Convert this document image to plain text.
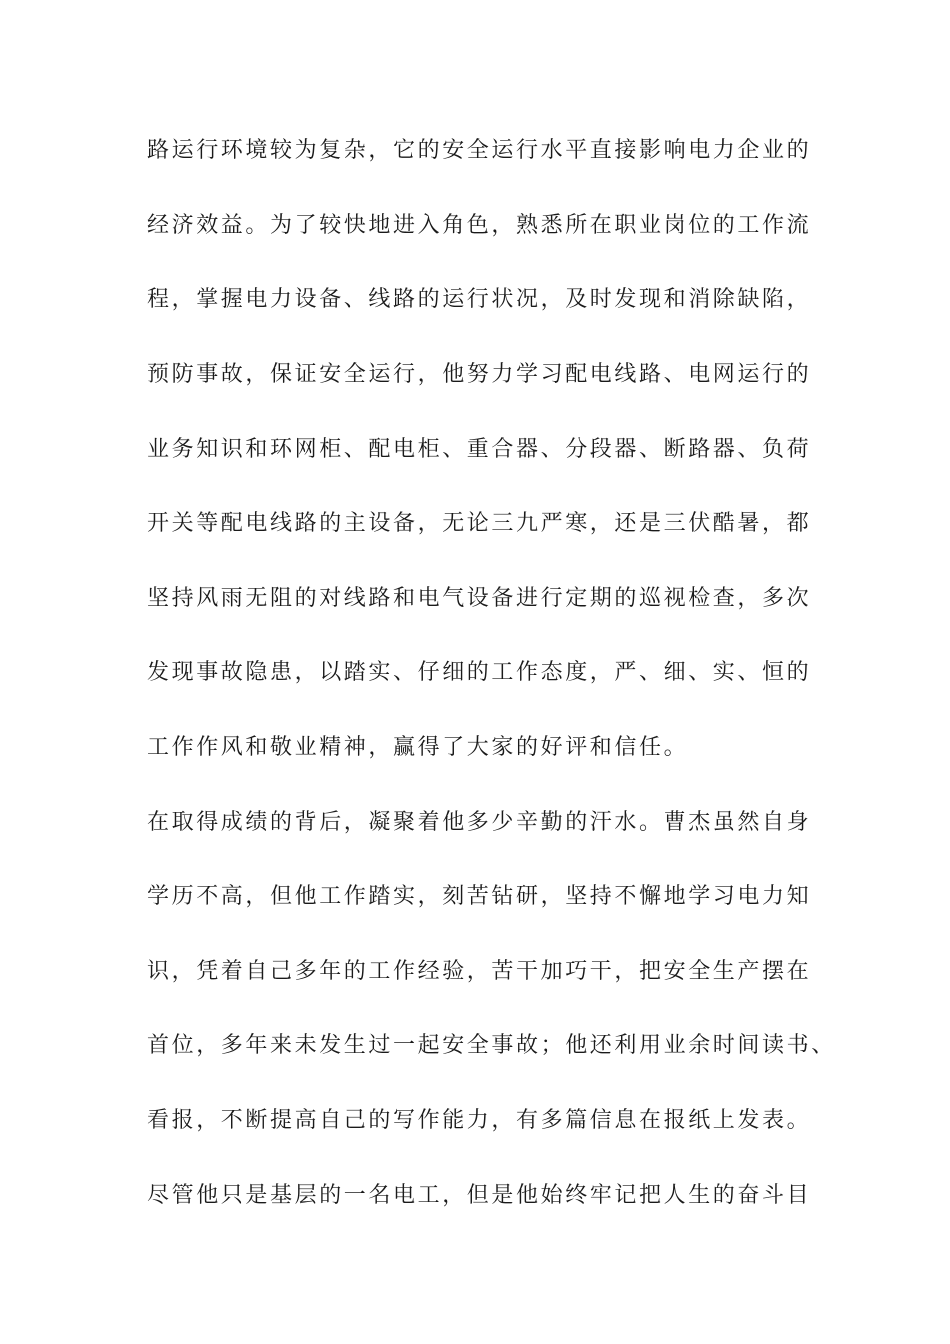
路运行环境较为复杂，它的安全运行水平直接影响电力企业的
经济效益。为了较快地进入角色，熟悉所在职业岗位的工作流
程，掌握电力设备、线路的运行状况，及时发现和消除缺陷，
预防事故，保证安全运行，他努力学习配电线路、电网运行的
业务知识和环网柜、配电柜、重合器、分段器、断路器、负荷
开关等配电线路的主设备，无论三九严寒，还是三伏酷暑，都
坚持风雨无阻的对线路和电气设备进行定期的巡视检查，多次
发现事故隐患，以踏实、仔细的工作态度，严、细、实、恒的
工作作风和敬业精神，赢得了大家的好评和信任。
在取得成绩的背后，凝聚着他多少辛勤的汗水。曹杰虽然自身
学历不高，但他工作踏实，刻苦钻研，坚持不懈地学习电力知
识，凭着自己多年的工作经验，苦干加巧干，把安全生产摆在
首位，多年来未发生过一起安全事故；他还利用业余时间读书、
看报，不断提高自己的写作能力，有多篇信息在报纸上发表。
尽管他只是基层的一名电工，但是他始终牢记把人生的奋斗目
